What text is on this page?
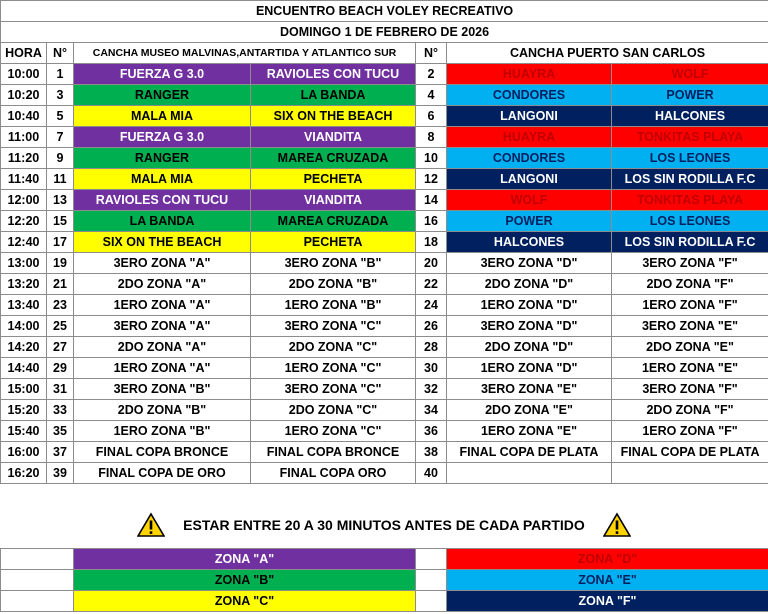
ENCUENTRO BEACH VOLEY RECREATIVO						
DOMINGO 1 DE FEBRERO DE 2026						
HORA	N°	CANCHA MUSEO MALVINAS,ANTARTIDA Y ATLANTICO SUR		N°	CANCHA PUERTO SAN CARLOS	
10:00	1	FUERZA G 3.0	RAVIOLES CON TUCU	2	HUAYRA	WOLF
10:20	3	RANGER	LA BANDA	4	CONDORES	POWER
10:40	5	MALA MIA	SIX ON THE BEACH	6	LANGONI	HALCONES
11:00	7	FUERZA G 3.0	VIANDITA	8	HUAYRA	TONKITAS PLAYA
11:20	9	RANGER	MAREA CRUZADA	10	CONDORES	LOS LEONES
11:40	11	MALA MIA	PECHETA	12	LANGONI	LOS SIN RODILLA F.C
12:00	13	RAVIOLES CON TUCU	VIANDITA	14	WOLF	TONKITAS PLAYA
12:20	15	LA BANDA	MAREA CRUZADA	16	POWER	LOS LEONES
12:40	17	SIX ON THE BEACH	PECHETA	18	HALCONES	LOS SIN RODILLA F.C
13:00	19	3ERO ZONA "A"	3ERO ZONA "B"	20	3ERO ZONA "D"	3ERO ZONA "F"
13:20	21	2DO ZONA "A"	2DO ZONA "B"	22	2DO ZONA "D"	2DO ZONA "F"
13:40	23	1ERO ZONA "A"	1ERO ZONA "B"	24	1ERO ZONA "D"	1ERO ZONA "F"
14:00	25	3ERO ZONA "A"	3ERO ZONA "C"	26	3ERO ZONA "D"	3ERO ZONA "E"
14:20	27	2DO ZONA "A"	2DO ZONA "C"	28	2DO ZONA "D"	2DO ZONA "E"
14:40	29	1ERO ZONA "A"	1ERO ZONA "C"	30	1ERO ZONA "D"	1ERO ZONA "E"
15:00	31	3ERO ZONA "B"	3ERO ZONA "C"	32	3ERO ZONA "E"	3ERO ZONA "F"
15:20	33	2DO ZONA "B"	2DO ZONA "C"	34	2DO ZONA "E"	2DO ZONA "F"
15:40	35	1ERO ZONA "B"	1ERO ZONA "C"	36	1ERO ZONA "E"	1ERO ZONA "F"
16:00	37	FINAL COPA BRONCE	FINAL COPA BRONCE	38	FINAL COPA DE PLATA	FINAL COPA DE PLATA
16:20	39	FINAL COPA DE ORO	FINAL COPA ORO	40		
ESTAR ENTRE 20 A 30 MINUTOS ANTES DE CADA PARTIDO
	ZONA "A"		ZONA "D"
	ZONA "B"		ZONA "E"
	ZONA "C"		ZONA "F"
